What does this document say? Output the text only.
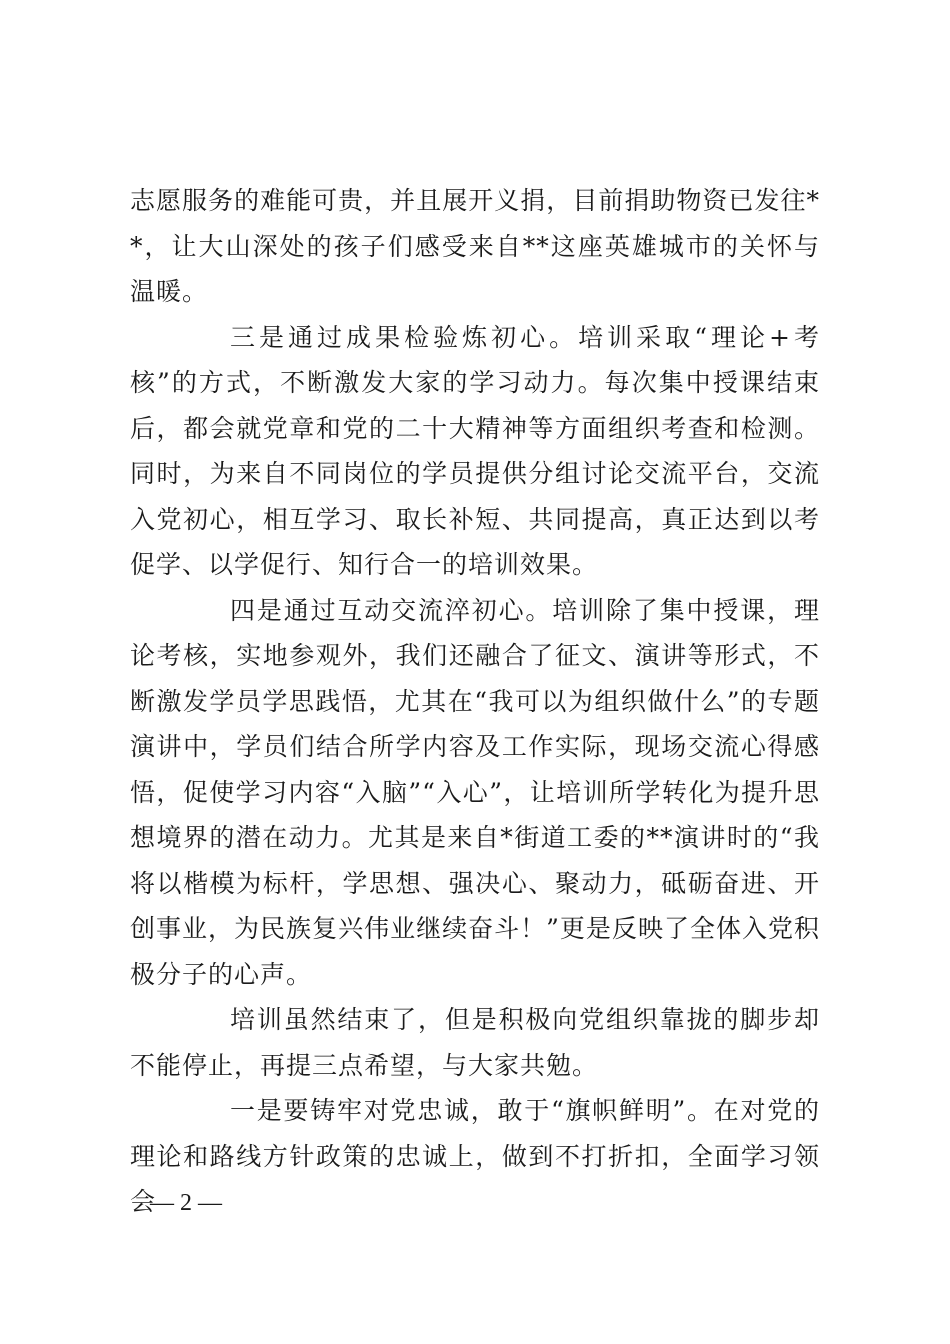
志愿服务的难能可贵，并且展开义捐，目前捐助物资已发往**，让大山深处的孩子们感受来自**这座英雄城市的关怀与温暖。

三是通过成果检验炼初心。培训采取“理论+考核”的方式，不断激发大家的学习动力。每次集中授课结束后，都会就党章和党的二十大精神等方面组织考查和检测。同时，为来自不同岗位的学员提供分组讨论交流平台，交流入党初心，相互学习、取长补短、共同提高，真正达到以考促学、以学促行、知行合一的培训效果。

四是通过互动交流淬初心。培训除了集中授课，理论考核，实地参观外，我们还融合了征文、演讲等形式，不断激发学员学思践悟，尤其在“我可以为组织做什么”的专题演讲中，学员们结合所学内容及工作实际，现场交流心得感悟，促使学习内容“入脑”“入心”，让培训所学转化为提升思想境界的潜在动力。尤其是来自*街道工委的**演讲时的“我将以楷模为标杆，学思想、强决心、聚动力，砥砺奋进、开创事业，为民族复兴伟业继续奋斗！”更是反映了全体入党积极分子的心声。

培训虽然结束了，但是积极向党组织靠拢的脚步却不能停止，再提三点希望，与大家共勉。

一是要铸牢对党忠诚，敢于“旗帜鲜明”。在对党的理论和路线方针政策的忠诚上，做到不打折扣，全面学习领会

— 2 —
